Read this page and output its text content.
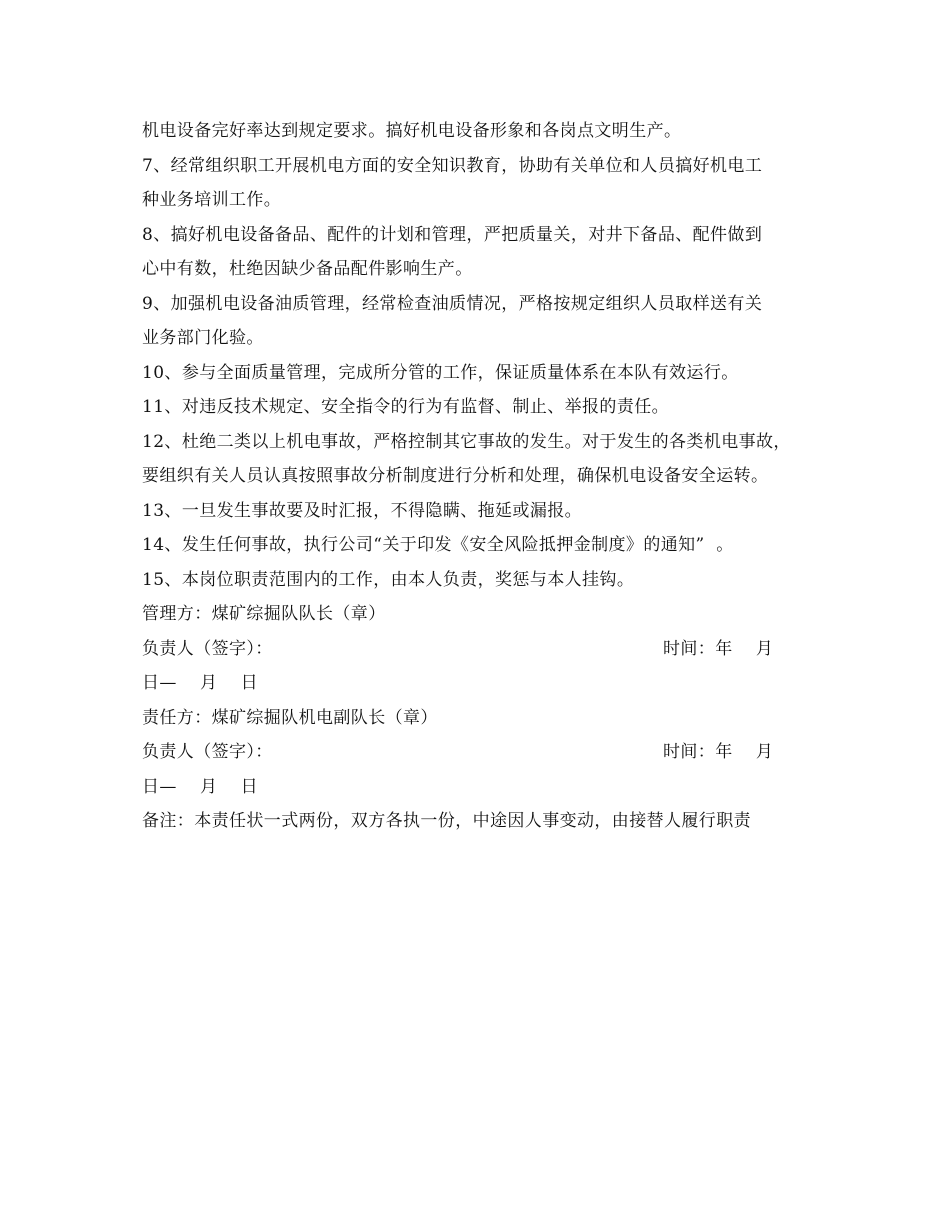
机电设备完好率达到规定要求。搞好机电设备形象和各岗点文明生产。
7、经常组织职工开展机电方面的安全知识教育，协助有关单位和人员搞好机电工
种业务培训工作。
8、搞好机电设备备品、配件的计划和管理，严把质量关，对井下备品、配件做到
心中有数，杜绝因缺少备品配件影响生产。
9、加强机电设备油质管理，经常检查油质情况，严格按规定组织人员取样送有关
业务部门化验。
10、参与全面质量管理，完成所分管的工作，保证质量体系在本队有效运行。
11、对违反技术规定、安全指令的行为有监督、制止、举报的责任。
12、杜绝二类以上机电事故，严格控制其它事故的发生。对于发生的各类机电事故，
要组织有关人员认真按照事故分析制度进行分析和处理，确保机电设备安全运转。
13、一旦发生事故要及时汇报，不得隐瞒、拖延或漏报。
14、发生任何事故，执行公司“关于印发《安全风险抵押金制度》的通知”  。
15、本岗位职责范围内的工作，由本人负责，奖惩与本人挂钩。
管理方：煤矿综掘队队长（章）
负责人（签字）：	时间：年    月
日—    月    日
责任方：煤矿综掘队机电副队长（章）
负责人（签字）：	时间：年    月
日—    月    日
备注：本责任状一式两份，双方各执一份，中途因人事变动，由接替人履行职责
